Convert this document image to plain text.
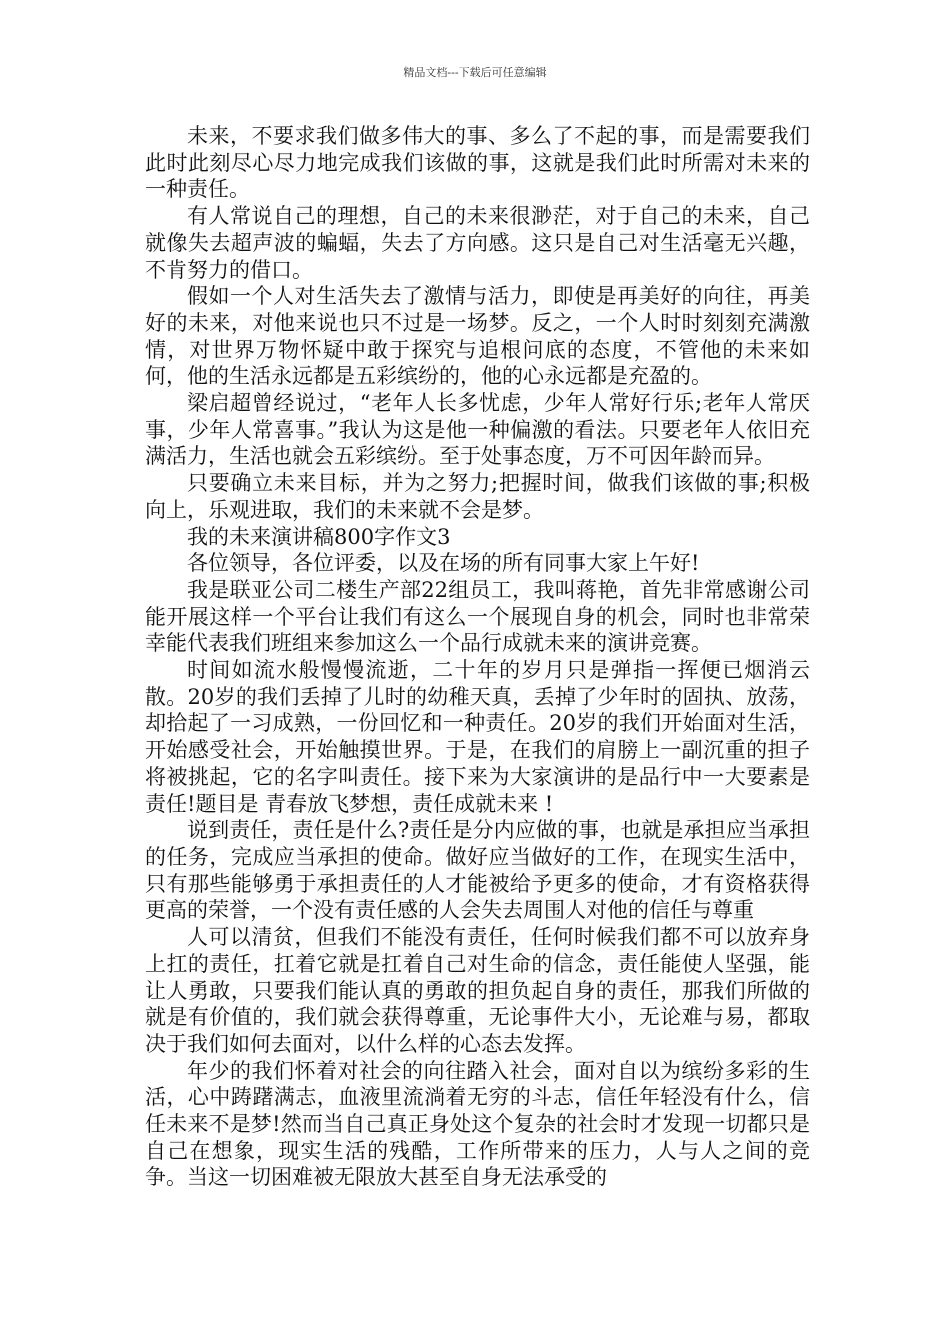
精品文档---下载后可任意编辑

未来，不要求我们做多伟大的事、多么了不起的事，而是需要我们此时此刻尽心尽力地完成我们该做的事，这就是我们此时所需对未来的一种责任。

有人常说自己的理想，自己的未来很渺茫，对于自己的未来，自己就像失去超声波的蝙蝠，失去了方向感。这只是自己对生活毫无兴趣，不肯努力的借口。

假如一个人对生活失去了激情与活力，即使是再美好的向往，再美好的未来，对他来说也只不过是一场梦。反之，一个人时时刻刻充满激情，对世界万物怀疑中敢于探究与追根问底的态度，不管他的未来如何，他的生活永远都是五彩缤纷的，他的心永远都是充盈的。

梁启超曾经说过，“老年人长多忧虑，少年人常好行乐;老年人常厌事，少年人常喜事。”我认为这是他一种偏激的看法。只要老年人依旧充满活力，生活也就会五彩缤纷。至于处事态度，万不可因年龄而异。

只要确立未来目标，并为之努力;把握时间，做我们该做的事;积极向上，乐观进取，我们的未来就不会是梦。

我的未来演讲稿800字作文3

各位领导，各位评委，以及在场的所有同事大家上午好!

我是联亚公司二楼生产部22组员工，我叫蒋艳，首先非常感谢公司能开展这样一个平台让我们有这么一个展现自身的机会，同时也非常荣幸能代表我们班组来参加这么一个品行成就未来的演讲竞赛。

时间如流水般慢慢流逝，二十年的岁月只是弹指一挥便已烟消云散。20岁的我们丢掉了儿时的幼稚天真，丢掉了少年时的固执、放荡，却拾起了一习成熟，一份回忆和一种责任。20岁的我们开始面对生活，开始感受社会，开始触摸世界。于是，在我们的肩膀上一副沉重的担子将被挑起，它的名字叫责任。接下来为大家演讲的是品行中一大要素是责任!题目是 青春放飞梦想，责任成就未来 !

说到责任，责任是什么?责任是分内应做的事，也就是承担应当承担的任务，完成应当承担的使命。做好应当做好的工作，在现实生活中，只有那些能够勇于承担责任的人才能被给予更多的使命，才有资格获得更高的荣誉，一个没有责任感的人会失去周围人对他的信任与尊重

人可以清贫，但我们不能没有责任，任何时候我们都不可以放弃身上扛的责任，扛着它就是扛着自己对生命的信念，责任能使人坚强，能让人勇敢，只要我们能认真的勇敢的担负起自身的责任，那我们所做的就是有价值的，我们就会获得尊重，无论事件大小，无论难与易，都取决于我们如何去面对，以什么样的心态去发挥。

年少的我们怀着对社会的向往踏入社会，面对自以为缤纷多彩的生活，心中踌躇满志，血液里流淌着无穷的斗志，信任年轻没有什么，信任未来不是梦!然而当自己真正身处这个复杂的社会时才发现一切都只是自己在想象，现实生活的残酷，工作所带来的压力，人与人之间的竞争。当这一切困难被无限放大甚至自身无法承受的
